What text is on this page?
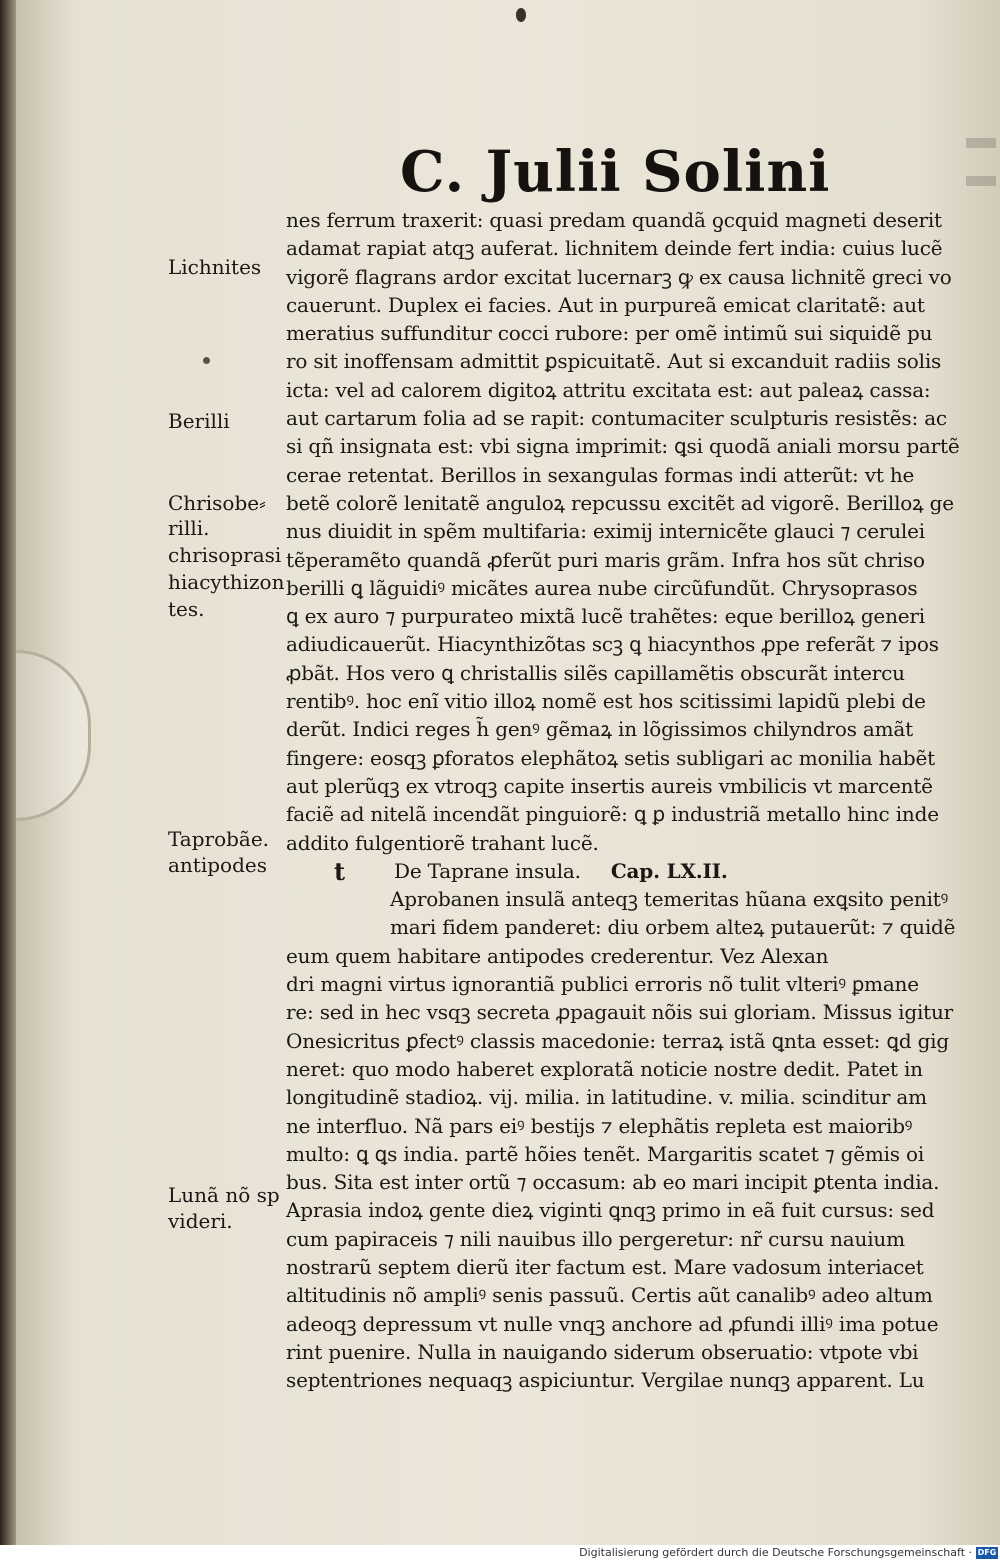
C. Julii Solini
Lichnites
Berilli
Chrisobe⸗
rilli.
chrisoprasi
hiacythizon
tes.
Taprobãe.
antipodes
Lunã nõ sp
videri.
nes ferrum traxerit: quasi predam quandã ƍcquid magneti deserit
adamat rapiat atqꝫ auferat. lichnitem deinde fert india: cuius lucẽ
vigorẽ flagrans ardor excitat lucernarꝫ ꝙ ex causa lichnitẽ greci vo
cauerunt. Duplex ei facies. Aut in purpureã emicat claritatẽ: aut
meratius suffunditur cocci rubore: per omẽ intimũ sui siquidẽ pu
ro sit inoffensam admittit ꝑspicuitatẽ. Aut si excanduit radiis solis
icta: vel ad calorem digitoꝝ attritu excitata est: aut paleaꝝ cassa:
aut cartarum folia ad se rapit: contumaciter sculpturis resistẽs: ac
si qñ insignata est: vbi signa imprimit: ꝗsi quodã aniali morsu partẽ
cerae retentat. Berillos in sexangulas formas indi atterũt: vt he
betẽ colorẽ lenitatẽ anguloꝝ repcussu excitẽt ad vigorẽ. Berilloꝝ ge
nus diuidit in spẽm multifaria: eximij internicẽte glauci ⁊ cerulei
tẽperamẽto quandã ꝓferũt puri maris grãm. Infra hos sũt chriso
berilli ꝗ lãguidiꝰ micãtes aurea nube circũfundũt. Chrysoprasos
ꝗ ex auro ⁊ purpurateo mixtã lucẽ trahẽtes: eque berilloꝝ generi
adiudicauerũt. Hiacynthizõtas scꝫ ꝗ hiacynthos ꝓpe referãt ⁊ ipos
ꝓbãt. Hos vero ꝗ christallis silẽs capillamẽtis obscurãt intercu
rentibꝰ. hoc enĩ vitio illoꝝ nomẽ est hos scitissimi lapidũ plebi de
derũt. Indici reges h̃ genꝰ gẽmaꝝ in lõgissimos chilyndros amãt
fingere: eosqꝫ ꝑforatos elephãtoꝝ setis subligari ac monilia habẽt
aut plerũqꝫ ex vtroqꝫ capite insertis aureis vmbilicis vt marcentẽ
faciẽ ad nitelã incendãt pinguiorẽ: ꝗ ꝑ industriã metallo hinc inde
addito fulgentiorẽ trahant lucẽ.
De Taprane insula. Cap. LX.II.
Aprobanen insulã anteqꝫ temeritas hũana exꝗsito penitꝰ
mari fidem panderet: diu orbem alteꝝ putauerũt: ⁊ quidẽ
eum quem habitare antipodes crederentur. Vez Alexan
dri magni virtus ignorantiã publici erroris nõ tulit vlteriꝰ ꝑmane
re: sed in hec vsqꝫ secreta ꝓpagauit nõis sui gloriam. Missus igitur
Onesicritus ꝑfectꝰ classis macedonie: terraꝝ istã ꝗnta esset: ꝗd gig
neret: quo modo haberet exploratã noticie nostre dedit. Patet in
longitudinẽ stadioꝝ. vij. milia. in latitudine. v. milia. scinditur am
ne interfluo. Nã pars eiꝰ bestijs ⁊ elephãtis repleta est maioribꝰ
multo: ꝗ ꝗs india. partẽ hõies tenẽt. Margaritis scatet ⁊ gẽmis oi
bus. Sita est inter ortũ ⁊ occasum: ab eo mari incipit ꝑtenta india.
Aprasia indoꝝ gente dieꝝ viginti ꝗnqꝫ primo in eã fuit cursus: sed
cum papiraceis ⁊ nili nauibus illo pergeretur: nr̃ cursu nauium
nostrarũ septem dierũ iter factum est. Mare vadosum interiacet
altitudinis nõ ampliꝰ senis passuũ. Certis aũt canalibꝰ adeo altum
adeoqꝫ depressum vt nulle vnqꝫ anchore ad ꝓfundi illiꝰ ima potue
rint puenire. Nulla in nauigando siderum obseruatio: vtpote vbi
septentriones nequaqꝫ aspiciuntur. Vergilae nunqꝫ apparent. Lu
t
Digitalisierung gefördert durch die Deutsche Forschungsgemeinschaft · DFG
